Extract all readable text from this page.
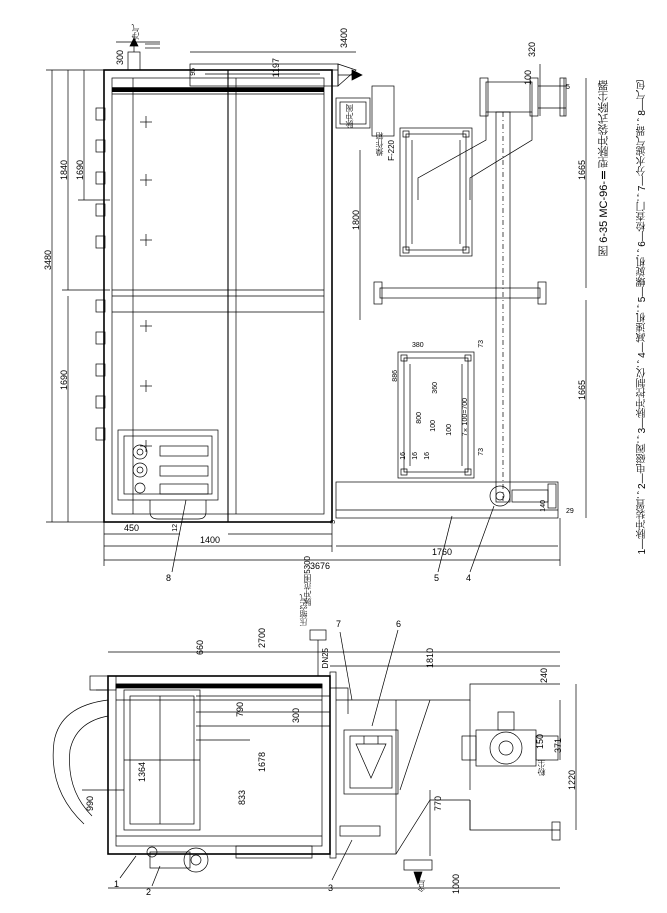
3480
1840 1690
1690
3676
1400
1760
450
300
3400
1197
1665
1665
1800
320
100
95
5
12
3
29
140
73
73
380
886
800
360
100 100 7×100=700
16 16 16
净气
脉冲阀
操作箱 F-220
脉冲范围5300
8	5	4
2700
1810
1678
833
790
660
300
1364
990	770
1000
1220
371
150
240
压缩空气
DN25
粉尘
含气
1
2	3
6
7
图 6-35 MC-96-Ⅱ型脉冲袋式除尘器	1—脉冲装置；2—电磁阀；3—脉冲控制仪；4—减速机；5—螺旋机；6—检查门；7—分水滤气器；8—气包
